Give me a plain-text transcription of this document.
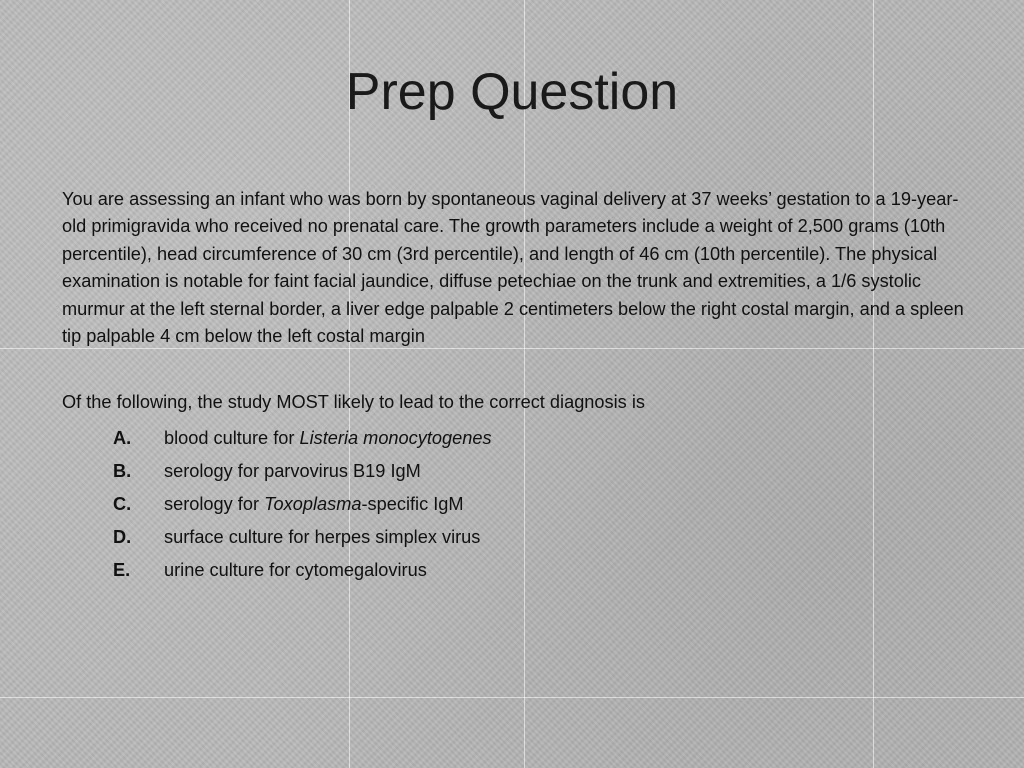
Prep Question

You are assessing an infant who was born by spontaneous vaginal delivery at 37 weeks’ gestation to a 19-year-old primigravida who received no prenatal care. The growth parameters include a weight of 2,500 grams (10th percentile), head circumference of 30 cm (3rd percentile), and length of 46 cm (10th percentile). The physical examination is notable for faint facial jaundice, diffuse petechiae on the trunk and extremities, a 1/6 systolic murmur at the left sternal border, a liver edge palpable 2 centimeters below the right costal margin, and a spleen tip palpable 4 cm below the left costal margin

Of the following, the study MOST likely to lead to the correct diagnosis is

A.	blood culture for Listeria monocytogenes
B.	serology for parvovirus B19 IgM
C.	serology for Toxoplasma-specific IgM
D.	surface culture for herpes simplex virus
E.	urine culture for cytomegalovirus
